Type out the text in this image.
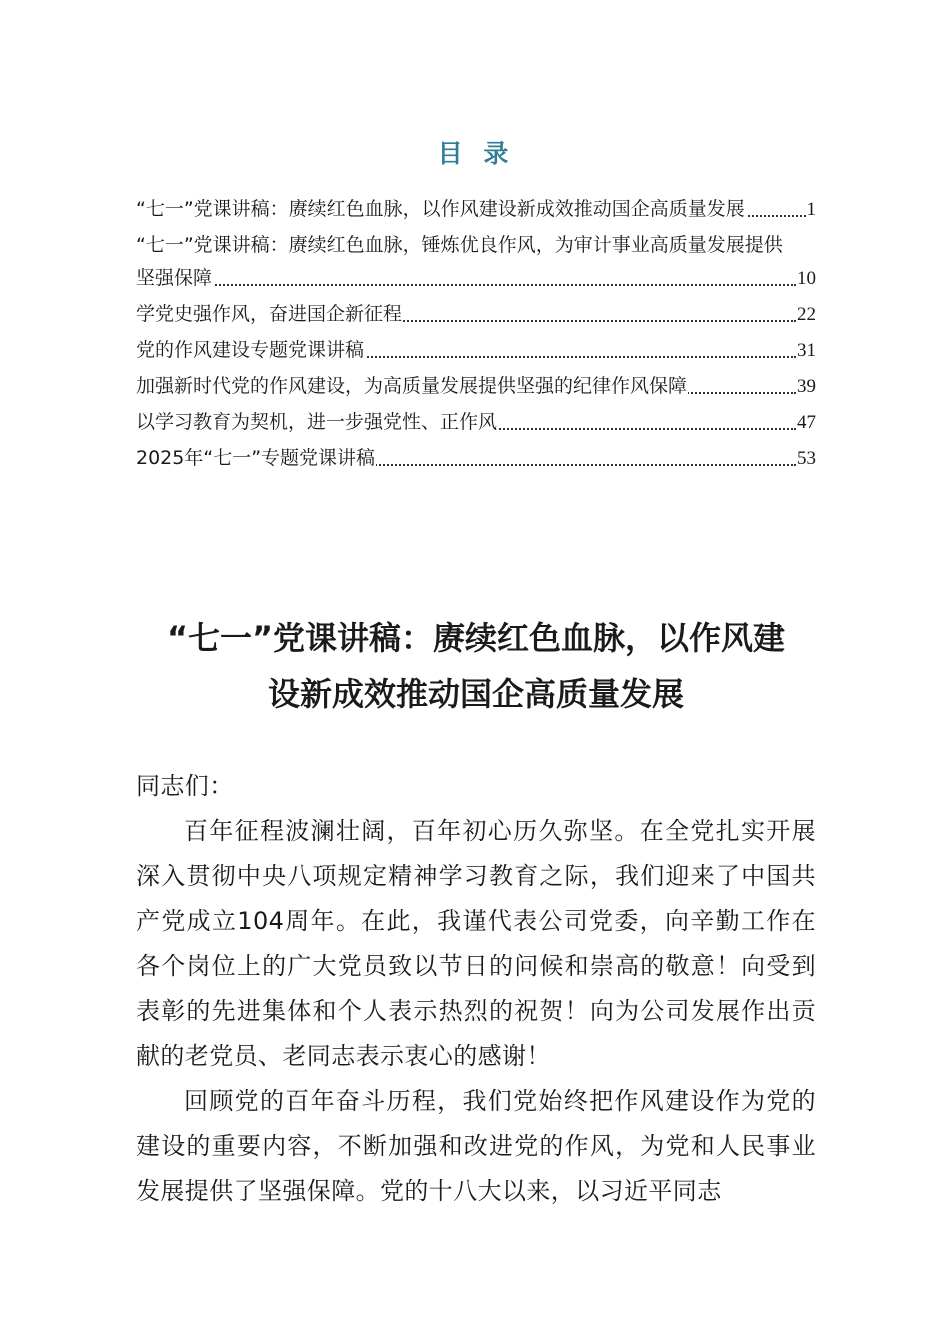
目 录
“七一”党课讲稿：赓续红色血脉，以作风建设新成效推动国企高质量发展	1
“七一”党课讲稿：赓续红色血脉，锤炼优良作风，为审计事业高质量发展提供坚强保障	10
学党史强作风，奋进国企新征程	22
党的作风建设专题党课讲稿	31
加强新时代党的作风建设，为高质量发展提供坚强的纪律作风保障	39
以学习教育为契机，进一步强党性、正作风	47
2025年“七一”专题党课讲稿	53
“七一”党课讲稿：赓续红色血脉，以作风建
设新成效推动国企高质量发展

同志们：

百年征程波澜壮阔，百年初心历久弥坚。在全党扎实开展深入贯彻中央八项规定精神学习教育之际，我们迎来了中国共产党成立104周年。在此，我谨代表公司党委，向辛勤工作在各个岗位上的广大党员致以节日的问候和崇高的敬意！向受到表彰的先进集体和个人表示热烈的祝贺！向为公司发展作出贡献的老党员、老同志表示衷心的感谢！

回顾党的百年奋斗历程，我们党始终把作风建设作为党的建设的重要内容，不断加强和改进党的作风，为党和人民事业发展提供了坚强保障。党的十八大以来，以习近平同志
